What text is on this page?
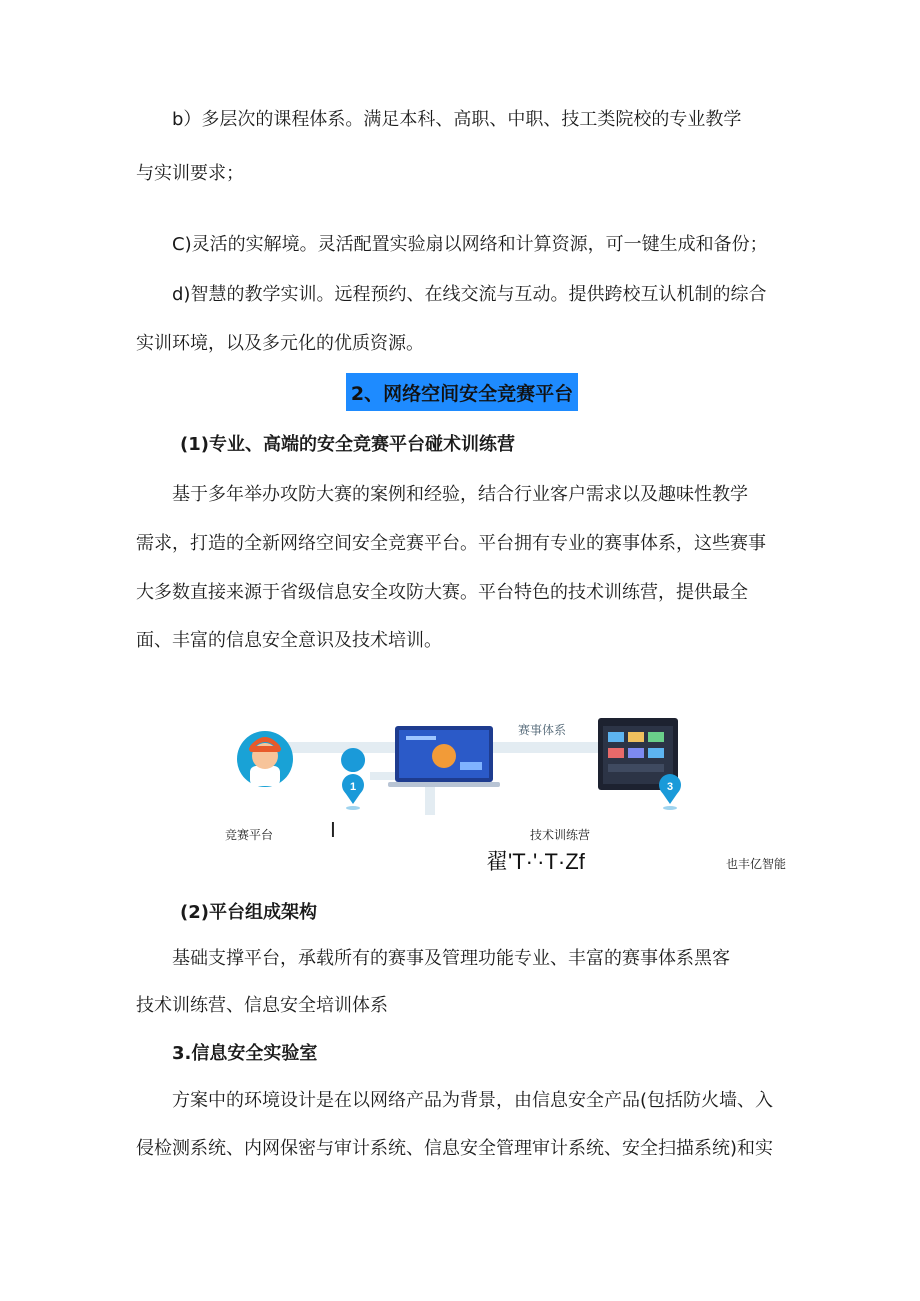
b）多层次的课程体系。满足本科、高职、中职、技工类院校的专业教学
与实训要求；
C)灵活的实解境。灵活配置实验扇以网络和计算资源，可一键生成和备份；
d)智慧的教学实训。远程预约、在线交流与互动。提供跨校互认机制的综合
实训环境，以及多元化的优质资源。
2、网络空间安全竞赛平台
(1)专业、高端的安全竞赛平台碰术训练营
基于多年举办攻防大赛的案例和经验，结合行业客户需求以及趣味性教学
需求，打造的全新网络空间安全竞赛平台。平台拥有专业的赛事体系，这些赛事
大多数直接来源于省级信息安全攻防大赛。平台特色的技术训练营，提供最全
面、丰富的信息安全意识及技术培训。
1
赛事体系
3
竞赛平台	I	技术训练营
翟'T·'·T·Zf	也丰亿智能
(2)平台组成架构
基础支撑平台，承载所有的赛事及管理功能专业、丰富的赛事体系黑客
技术训练营、信息安全培训体系
3.信息安全实验室
方案中的环境设计是在以网络产品为背景，由信息安全产品(包括防火墙、入
侵检测系统、内网保密与审计系统、信息安全管理审计系统、安全扫描系统)和实
